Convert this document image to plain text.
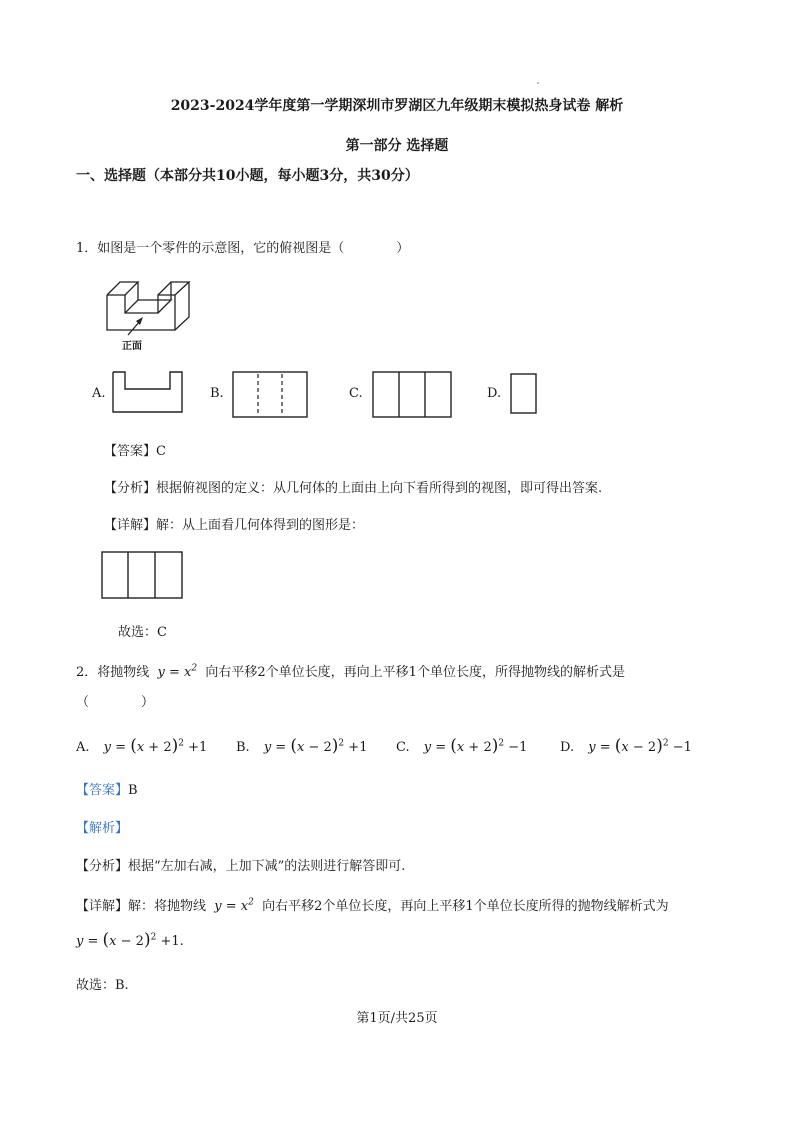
2023-2024学年度第一学期深圳市罗湖区九年级期末模拟热身试卷 解析
第一部分 选择题
一、选择题（本部分共10小题，每小题3分，共30分）
1．如图是一个零件的示意图，它的俯视图是（　　　　）
正面
A.	B.	C.	D.
【答案】C
【分析】根据俯视图的定义：从几何体的上面由上向下看所得到的视图，即可得出答案.
【详解】解：从上面看几何体得到的图形是：
故选：C
2．将抛物线  $y = x^2$ 向右平移2个单位长度，再向上平移1个单位长度，所得抛物线的解析式是
（　　　　）
A. $y = (x + 2)^2 +1$ B. $y = (x - 2)^2 +1$ C. $y = (x + 2)^2 -1$	D. $y = (x - 2)^2 -1$
【答案】B
【解析】
【分析】根据“左加右减，上加下减”的法则进行解答即可.
【详解】解：将抛物线  $y = x^2$ 向右平移2个单位长度，再向上平移1个单位长度所得的抛物线解析式为
$y = (x - 2)^2 +1$.
故选：B.
第1页/共25页
